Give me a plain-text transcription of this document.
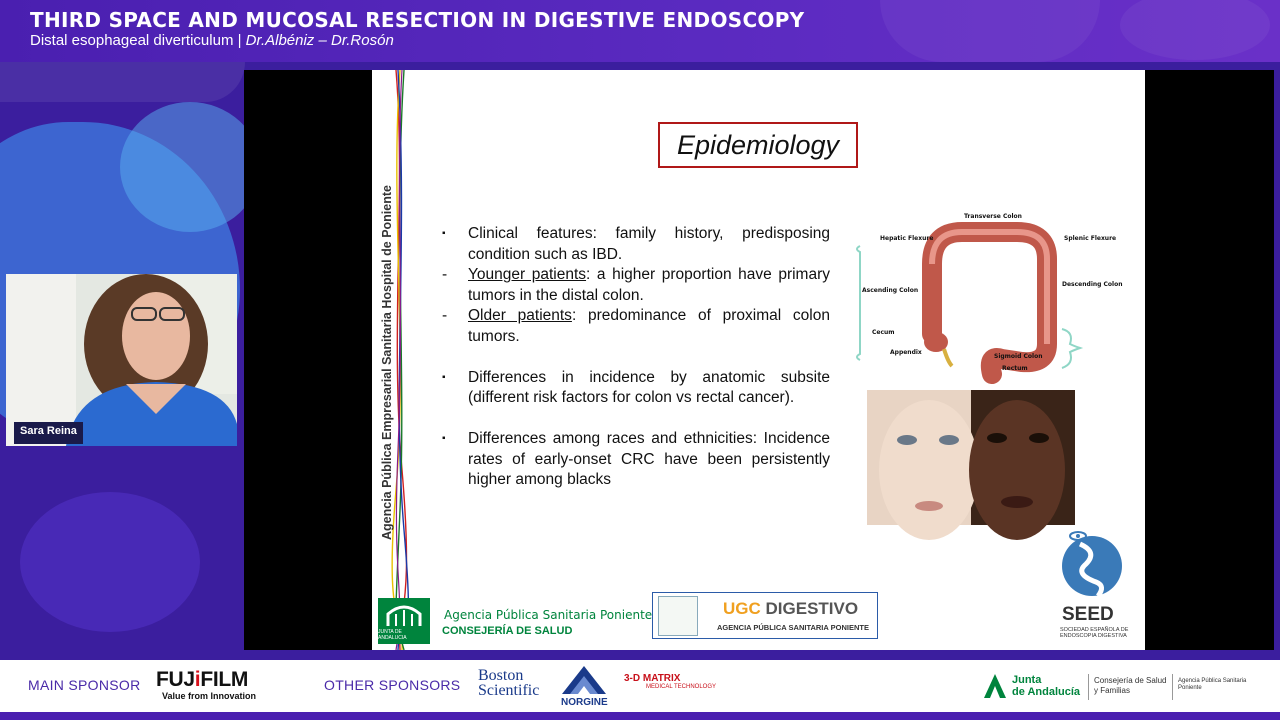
THIRD SPACE AND MUCOSAL RESECTION IN DIGESTIVE ENDOSCOPY
Distal esophageal diverticulum | Dr.Albéniz – Dr.Rosón
Agencia Pública Empresarial Sanitaria Hospital de Poniente
Epidemiology
▪ Clinical features: family history, predisposing condition such as IBD.
- Younger patients: a higher proportion have primary tumors in the distal colon.
- Older patients: predominance of proximal colon tumors.
▪ Differences in incidence by anatomic subsite (different risk factors for colon vs rectal cancer).
▪ Differences among races and ethnicities: Incidence rates of early-onset CRC have been persistently higher among blacks
Transverse Colon
Hepatic Flexure	Splenic Flexure
Ascending Colon
Descending Colon
Cecum
Appendix
Sigmoid Colon
Rectum
JUNTA DE ANDALUCIA
Agencia Pública Sanitaria Poniente
CONSEJERÍA DE SALUD
UGC DIGESTIVO
AGENCIA PÚBLICA SANITARIA PONIENTE
SEED
SOCIEDAD ESPAÑOLA DE ENDOSCOPIA DIGESTIVA
Sara Reina
MAIN SPONSOR FUJiFILM
Value from Innovation
OTHER SPONSORS
Boston
Scientific
NORGINE
3-D MATRIX
MEDICAL TECHNOLOGY
Junta
de Andalucía
Consejería de Salud
y Familias
Agencia Pública Sanitaria
Poniente
